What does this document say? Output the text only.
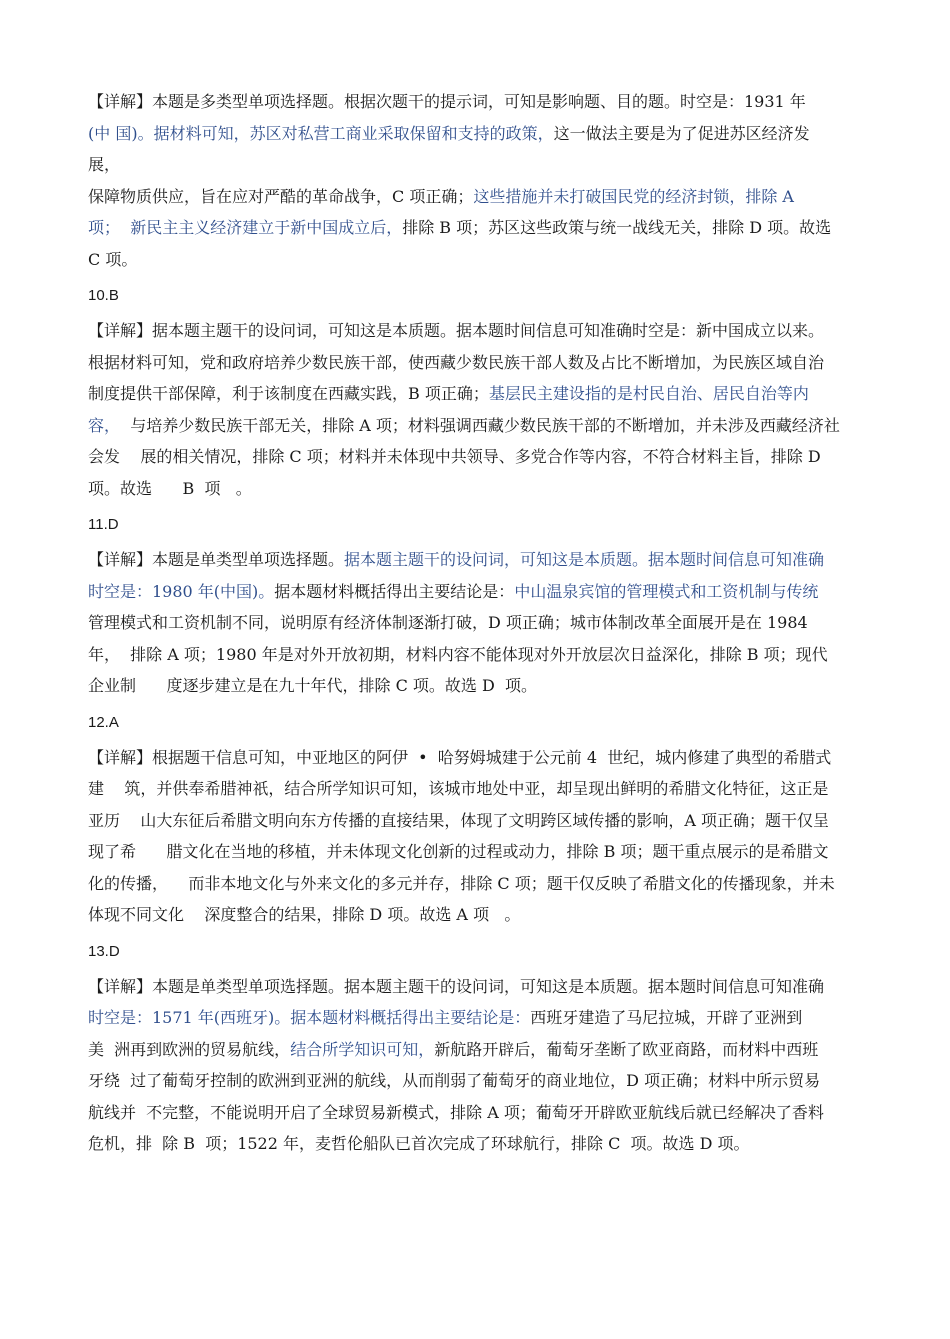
【详解】本题是多类型单项选择题。根据次题干的提示词，可知是影响题、目的题。时空是：1931 年
(中 国)。据材料可知，苏区对私营工商业采取保留和支持的政策，这一做法主要是为了促进苏区经济发
展，
保障物质供应，旨在应对严酷的革命战争，C 项正确；这些措施并未打破国民党的经济封锁，排除 A
项；  新民主主义经济建立于新中国成立后，排除 B 项；苏区这些政策与统一战线无关，排除 D 项。故选
C 项。
10.B
【详解】据本题主题干的设问词，可知这是本质题。据本题时间信息可知准确时空是：新中国成立以来。
根据材料可知，党和政府培养少数民族干部，使西藏少数民族干部人数及占比不断增加，为民族区域自治
制度提供干部保障，利于该制度在西藏实践，B 项正确；基层民主建设指的是村民自治、居民自治等内
容，  与培养少数民族干部无关，排除 A 项；材料强调西藏少数民族干部的不断增加，并未涉及西藏经济社
会发    展的相关情况，排除 C 项；材料并未体现中共领导、多党合作等内容，不符合材料主旨，排除 D
项。故选      B  项   。
11.D
【详解】本题是单类型单项选择题。据本题主题干的设问词，可知这是本质题。据本题时间信息可知准确
时空是：1980 年(中国)。据本题材料概括得出主要结论是：中山温泉宾馆的管理模式和工资机制与传统
管理模式和工资机制不同，说明原有经济体制逐渐打破，D 项正确；城市体制改革全面展开是在 1984
年，  排除 A 项；1980 年是对外开放初期，材料内容不能体现对外开放层次日益深化，排除 B 项；现代
企业制      度逐步建立是在九十年代，排除 C 项。故选 D  项。
12.A
【详解】根据题干信息可知，中亚地区的阿伊  •  哈努姆城建于公元前 4  世纪，城内修建了典型的希腊式
建    筑，并供奉希腊神祇，结合所学知识可知，该城市地处中亚，却呈现出鲜明的希腊文化特征，这正是
亚历    山大东征后希腊文明向东方传播的直接结果，体现了文明跨区域传播的影响，A 项正确；题干仅呈
现了希      腊文化在当地的移植，并未体现文化创新的过程或动力，排除 B 项；题干重点展示的是希腊文
化的传播，    而非本地文化与外来文化的多元并存，排除 C 项；题干仅反映了希腊文化的传播现象，并未
体现不同文化    深度整合的结果，排除 D 项。故选 A 项   。
13.D
【详解】本题是单类型单项选择题。据本题主题干的设问词，可知这是本质题。据本题时间信息可知准确
时空是：1571 年(西班牙)。据本题材料概括得出主要结论是：西班牙建造了马尼拉城，开辟了亚洲到
美  洲再到欧洲的贸易航线，结合所学知识可知，新航路开辟后，葡萄牙垄断了欧亚商路，而材料中西班
牙绕  过了葡萄牙控制的欧洲到亚洲的航线，从而削弱了葡萄牙的商业地位，D 项正确；材料中所示贸易
航线并  不完整，不能说明开启了全球贸易新模式，排除 A 项；葡萄牙开辟欧亚航线后就已经解决了香料
危机，排  除 B  项；1522 年，麦哲伦船队已首次完成了环球航行，排除 C  项。故选 D 项。
